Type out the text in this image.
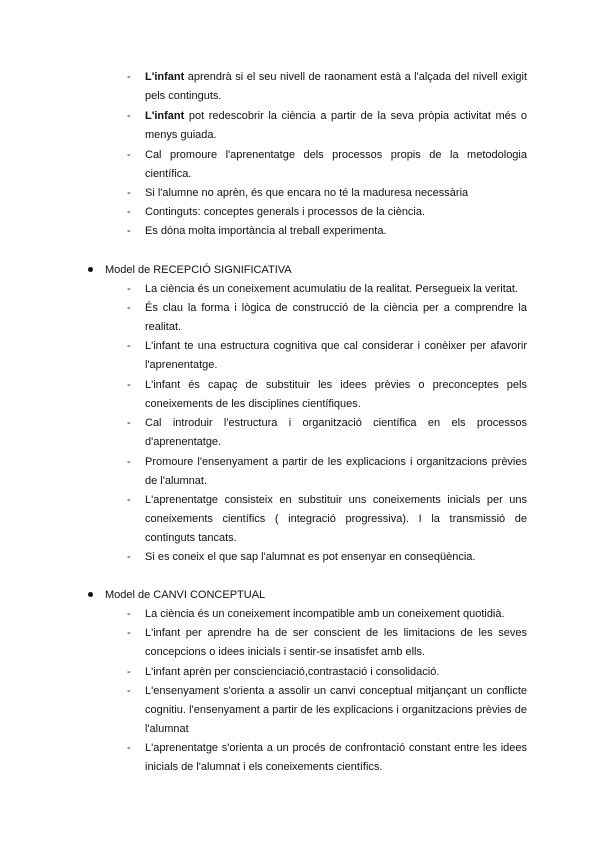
- L'infant aprendrà si el seu nivell de raonament està a l'alçada del nivell exigit pels continguts.
- L'infant pot redescobrir la ciència a partir de la seva pròpia activitat més o menys guiada.
- Cal promoure l'aprenentatge dels processos propis de la metodologia científica.
- Si l'alumne no aprèn, és que encara no té la maduresa necessària
- Continguts: conceptes generals i processos de la ciència.
- Es dóna molta importància al treball experimenta.
Model de RECEPCIÓ SIGNIFICATIVA
- La ciència és un coneixement acumulatiu de la realitat. Persegueix la veritat.
- És clau la forma i lògica de construcció de la ciència per a comprendre la realitat.
- L'infant te una estructura cognitiva que cal considerar i conèixer per afavorir l'aprenentatge.
- L'infant és capaç de substituir les idees prèvies o preconceptes pels coneixements de les disciplines científiques.
- Cal introduir l'estructura i organització científica en els processos d'aprenentatge.
- Promoure l'ensenyament a partir de les explicacions i organitzacions prèvies de l'alumnat.
- L'aprenentatge consisteix en substituir uns coneixements inicials per uns coneixements científics ( integració progressiva). I la transmissió de continguts tancats.
- Si es coneix el que sap l'alumnat es pot ensenyar en conseqüència.
Model de CANVI CONCEPTUAL
- La ciència és un coneixement incompatible amb un coneixement quotidià.
- L'infant per aprendre ha de ser conscient de les limitacions de les seves concepcions o idees inicials i sentir-se insatisfet amb ells.
- L'infant aprèn per conscienciació,contrastació i consolidació.
- L'ensenyament s'orienta a assolir un canvi conceptual mitjançant un conflicte cognitiu. l'ensenyament a partir de les explicacions i organitzacions prèvies de l'alumnat
- L'aprenentatge s'orienta a un procés de confrontació constant entre les idees inicials de l'alumnat i els coneixements científics.
